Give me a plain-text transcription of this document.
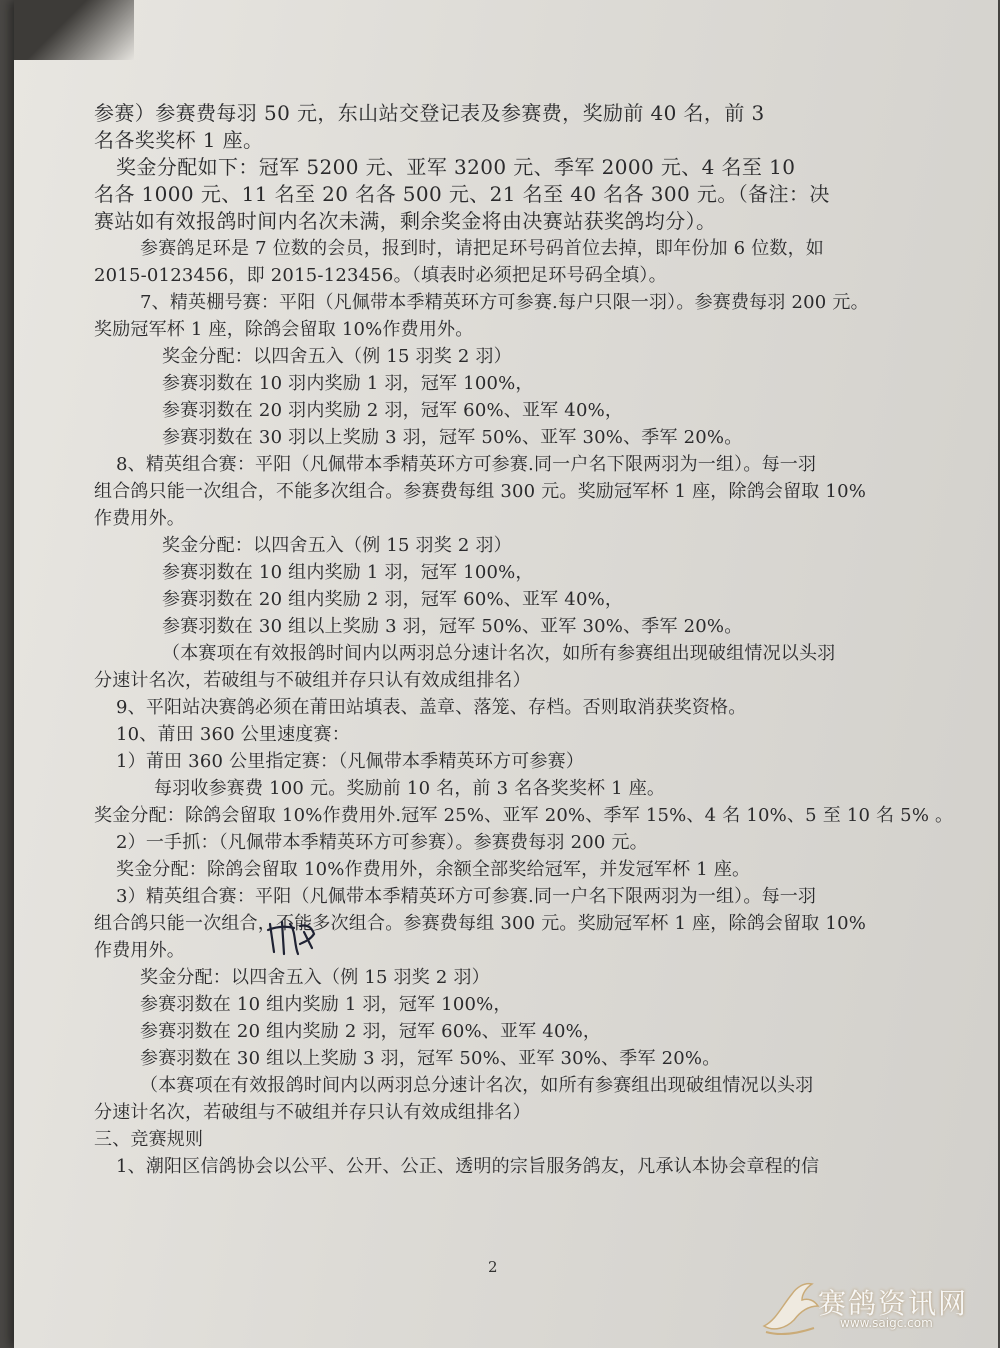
参赛）参赛费每羽 50 元，东山站交登记表及参赛费，奖励前 40 名，前 3
名各奖奖杯 1 座。
奖金分配如下：冠军 5200 元、亚军 3200 元、季军 2000 元、4 名至 10
名各 1000 元、11 名至 20 名各 500 元、21 名至 40 名各 300 元。（备注：决
赛站如有效报鸽时间内名次未满，剩余奖金将由决赛站获奖鸽均分）。
参赛鸽足环是 7 位数的会员，报到时，请把足环号码首位去掉，即年份加 6 位数，如
2015-0123456，即 2015-123456。（填表时必须把足环号码全填）。
7、精英棚号赛：平阳（凡佩带本季精英环方可参赛.每户只限一羽）。参赛费每羽 200 元。
奖励冠军杯 1 座，除鸽会留取 10%作费用外。
奖金分配：以四舍五入（例 15 羽奖 2 羽）
参赛羽数在 10 羽内奖励 1 羽，冠军 100%，
参赛羽数在 20 羽内奖励 2 羽，冠军 60%、亚军 40%，
参赛羽数在 30 羽以上奖励 3 羽，冠军 50%、亚军 30%、季军 20%。
8、精英组合赛：平阳（凡佩带本季精英环方可参赛.同一户名下限两羽为一组）。每一羽
组合鸽只能一次组合，不能多次组合。参赛费每组 300 元。奖励冠军杯 1 座，除鸽会留取 10%
作费用外。
奖金分配：以四舍五入（例 15 羽奖 2 羽）
参赛羽数在 10 组内奖励 1 羽，冠军 100%，
参赛羽数在 20 组内奖励 2 羽，冠军 60%、亚军 40%，
参赛羽数在 30 组以上奖励 3 羽，冠军 50%、亚军 30%、季军 20%。
（本赛项在有效报鸽时间内以两羽总分速计名次，如所有参赛组出现破组情况以头羽
分速计名次，若破组与不破组并存只认有效成组排名）
9、平阳站决赛鸽必须在莆田站填表、盖章、落笼、存档。否则取消获奖资格。
10、莆田 360 公里速度赛：
1）莆田 360 公里指定赛：（凡佩带本季精英环方可参赛）
每羽收参赛费 100 元。奖励前 10 名，前 3 名各奖奖杯 1 座。
奖金分配：除鸽会留取 10%作费用外.冠军 25%、亚军 20%、季军 15%、4 名 10%、5 至 10 名 5% 。
2）一手抓：（凡佩带本季精英环方可参赛）。参赛费每羽 200 元。
奖金分配：除鸽会留取 10%作费用外，余额全部奖给冠军，并发冠军杯 1 座。
3）精英组合赛：平阳（凡佩带本季精英环方可参赛.同一户名下限两羽为一组）。每一羽
组合鸽只能一次组合，不能多次组合。参赛费每组 300 元。奖励冠军杯 1 座，除鸽会留取 10%
作费用外。
奖金分配：以四舍五入（例 15 羽奖 2 羽）
参赛羽数在 10 组内奖励 1 羽，冠军 100%，
参赛羽数在 20 组内奖励 2 羽，冠军 60%、亚军 40%，
参赛羽数在 30 组以上奖励 3 羽，冠军 50%、亚军 30%、季军 20%。
（本赛项在有效报鸽时间内以两羽总分速计名次，如所有参赛组出现破组情况以头羽
分速计名次，若破组与不破组并存只认有效成组排名）
三、竞赛规则
1、潮阳区信鸽协会以公平、公开、公正、透明的宗旨服务鸽友，凡承认本协会章程的信
2
赛鸽资讯网
www.saigc.com
